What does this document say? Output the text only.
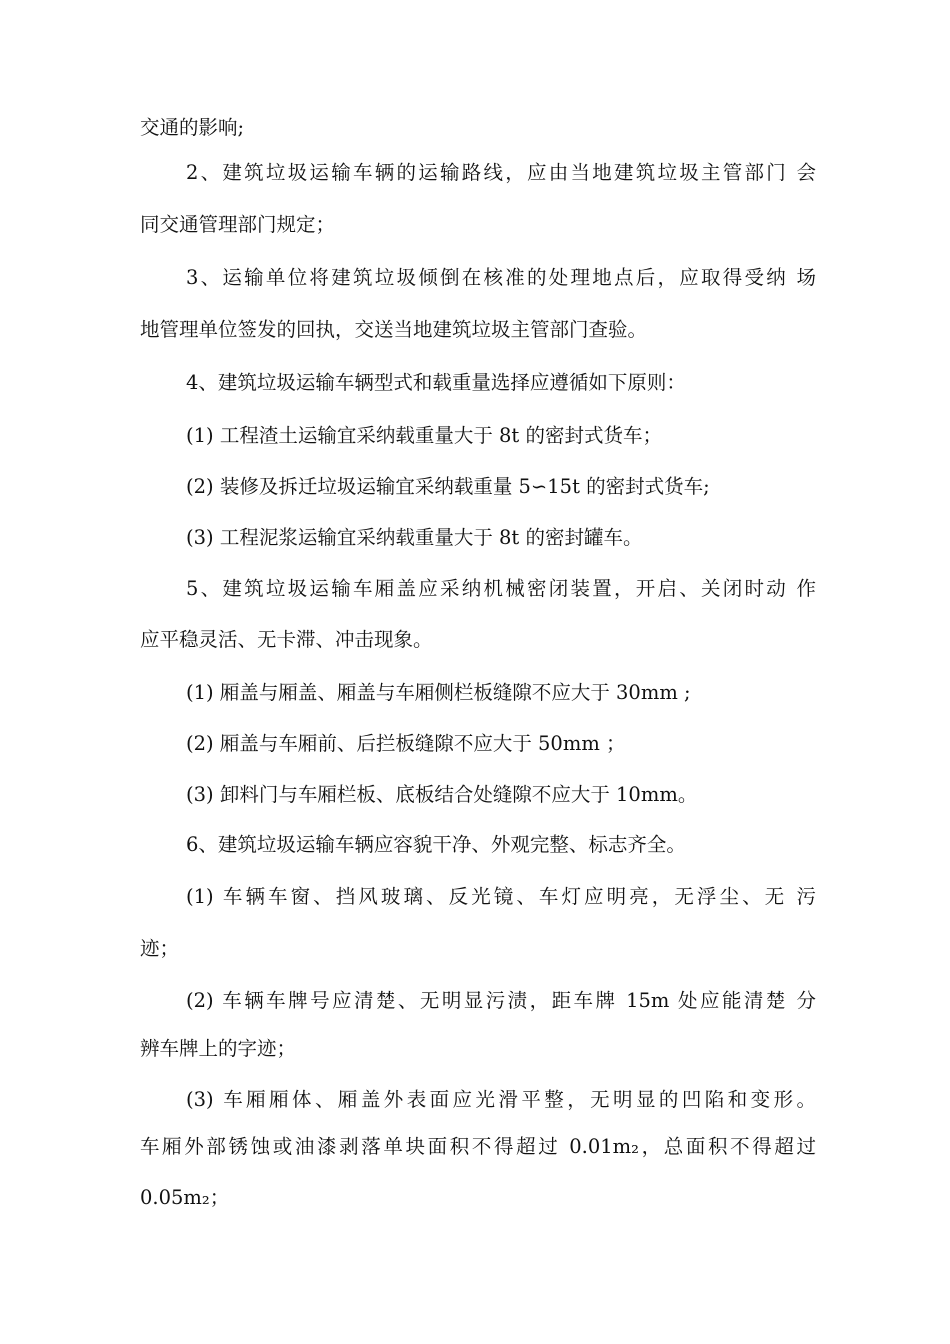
交通的影响;
2、建筑垃圾运输车辆的运输路线，应由当地建筑垃圾主管部门 会
同交通管理部门规定；
3、运输单位将建筑垃圾倾倒在核准的处理地点后，应取得受纳 场
地管理单位签发的回执，交送当地建筑垃圾主管部门查验。
4、建筑垃圾运输车辆型式和载重量选择应遵循如下原则：
(1) 工程渣土运输宜采纳载重量大于 8t 的密封式货车；
(2) 装修及拆迁垃圾运输宜采纳载重量 5∽15t 的密封式货车;
(3) 工程泥浆运输宜采纳载重量大于 8t 的密封罐车。
5、建筑垃圾运输车厢盖应采纳机械密闭装置，开启、关闭时动 作
应平稳灵活、无卡滞、冲击现象。
(1) 厢盖与厢盖、厢盖与车厢侧栏板缝隙不应大于 30mm ;
(2) 厢盖与车厢前、后拦板缝隙不应大于 50mm ；
(3) 卸料门与车厢栏板、底板结合处缝隙不应大于 10mm。
6、建筑垃圾运输车辆应容貌干净、外观完整、标志齐全。
(1) 车辆车窗、挡风玻璃、反光镜、车灯应明亮，无浮尘、无 污
迹；
(2) 车辆车牌号应清楚、无明显污渍，距车牌 15m 处应能清楚 分
辨车牌上的字迹；
(3) 车厢厢体、厢盖外表面应光滑平整，无明显的凹陷和变形。
车厢外部锈蚀或油漆剥落单块面积不得超过 0.01m₂，总面积不得超过
0.05m₂；
